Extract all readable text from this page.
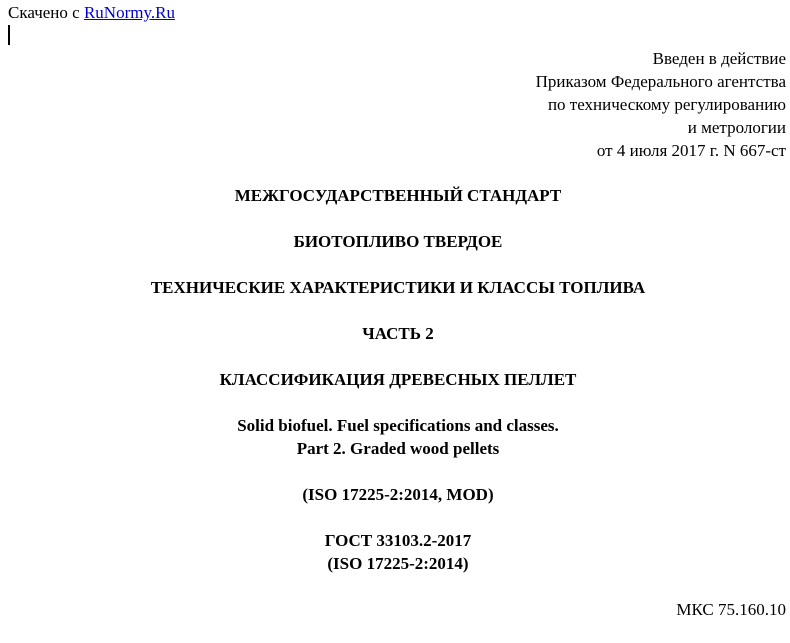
Скачено с RuNormy.Ru
Введен в действие
Приказом Федерального агентства
по техническому регулированию
и метрологии
от 4 июля 2017 г. N 667-ст
МЕЖГОСУДАРСТВЕННЫЙ СТАНДАРТ
БИОТОПЛИВО ТВЕРДОЕ
ТЕХНИЧЕСКИЕ ХАРАКТЕРИСТИКИ И КЛАССЫ ТОПЛИВА
ЧАСТЬ 2
КЛАССИФИКАЦИЯ ДРЕВЕСНЫХ ПЕЛЛЕТ
Solid biofuel. Fuel specifications and classes.
Part 2. Graded wood pellets
(ISO 17225-2:2014, MOD)
ГОСТ 33103.2-2017
(ISO 17225-2:2014)
МКС 75.160.10
